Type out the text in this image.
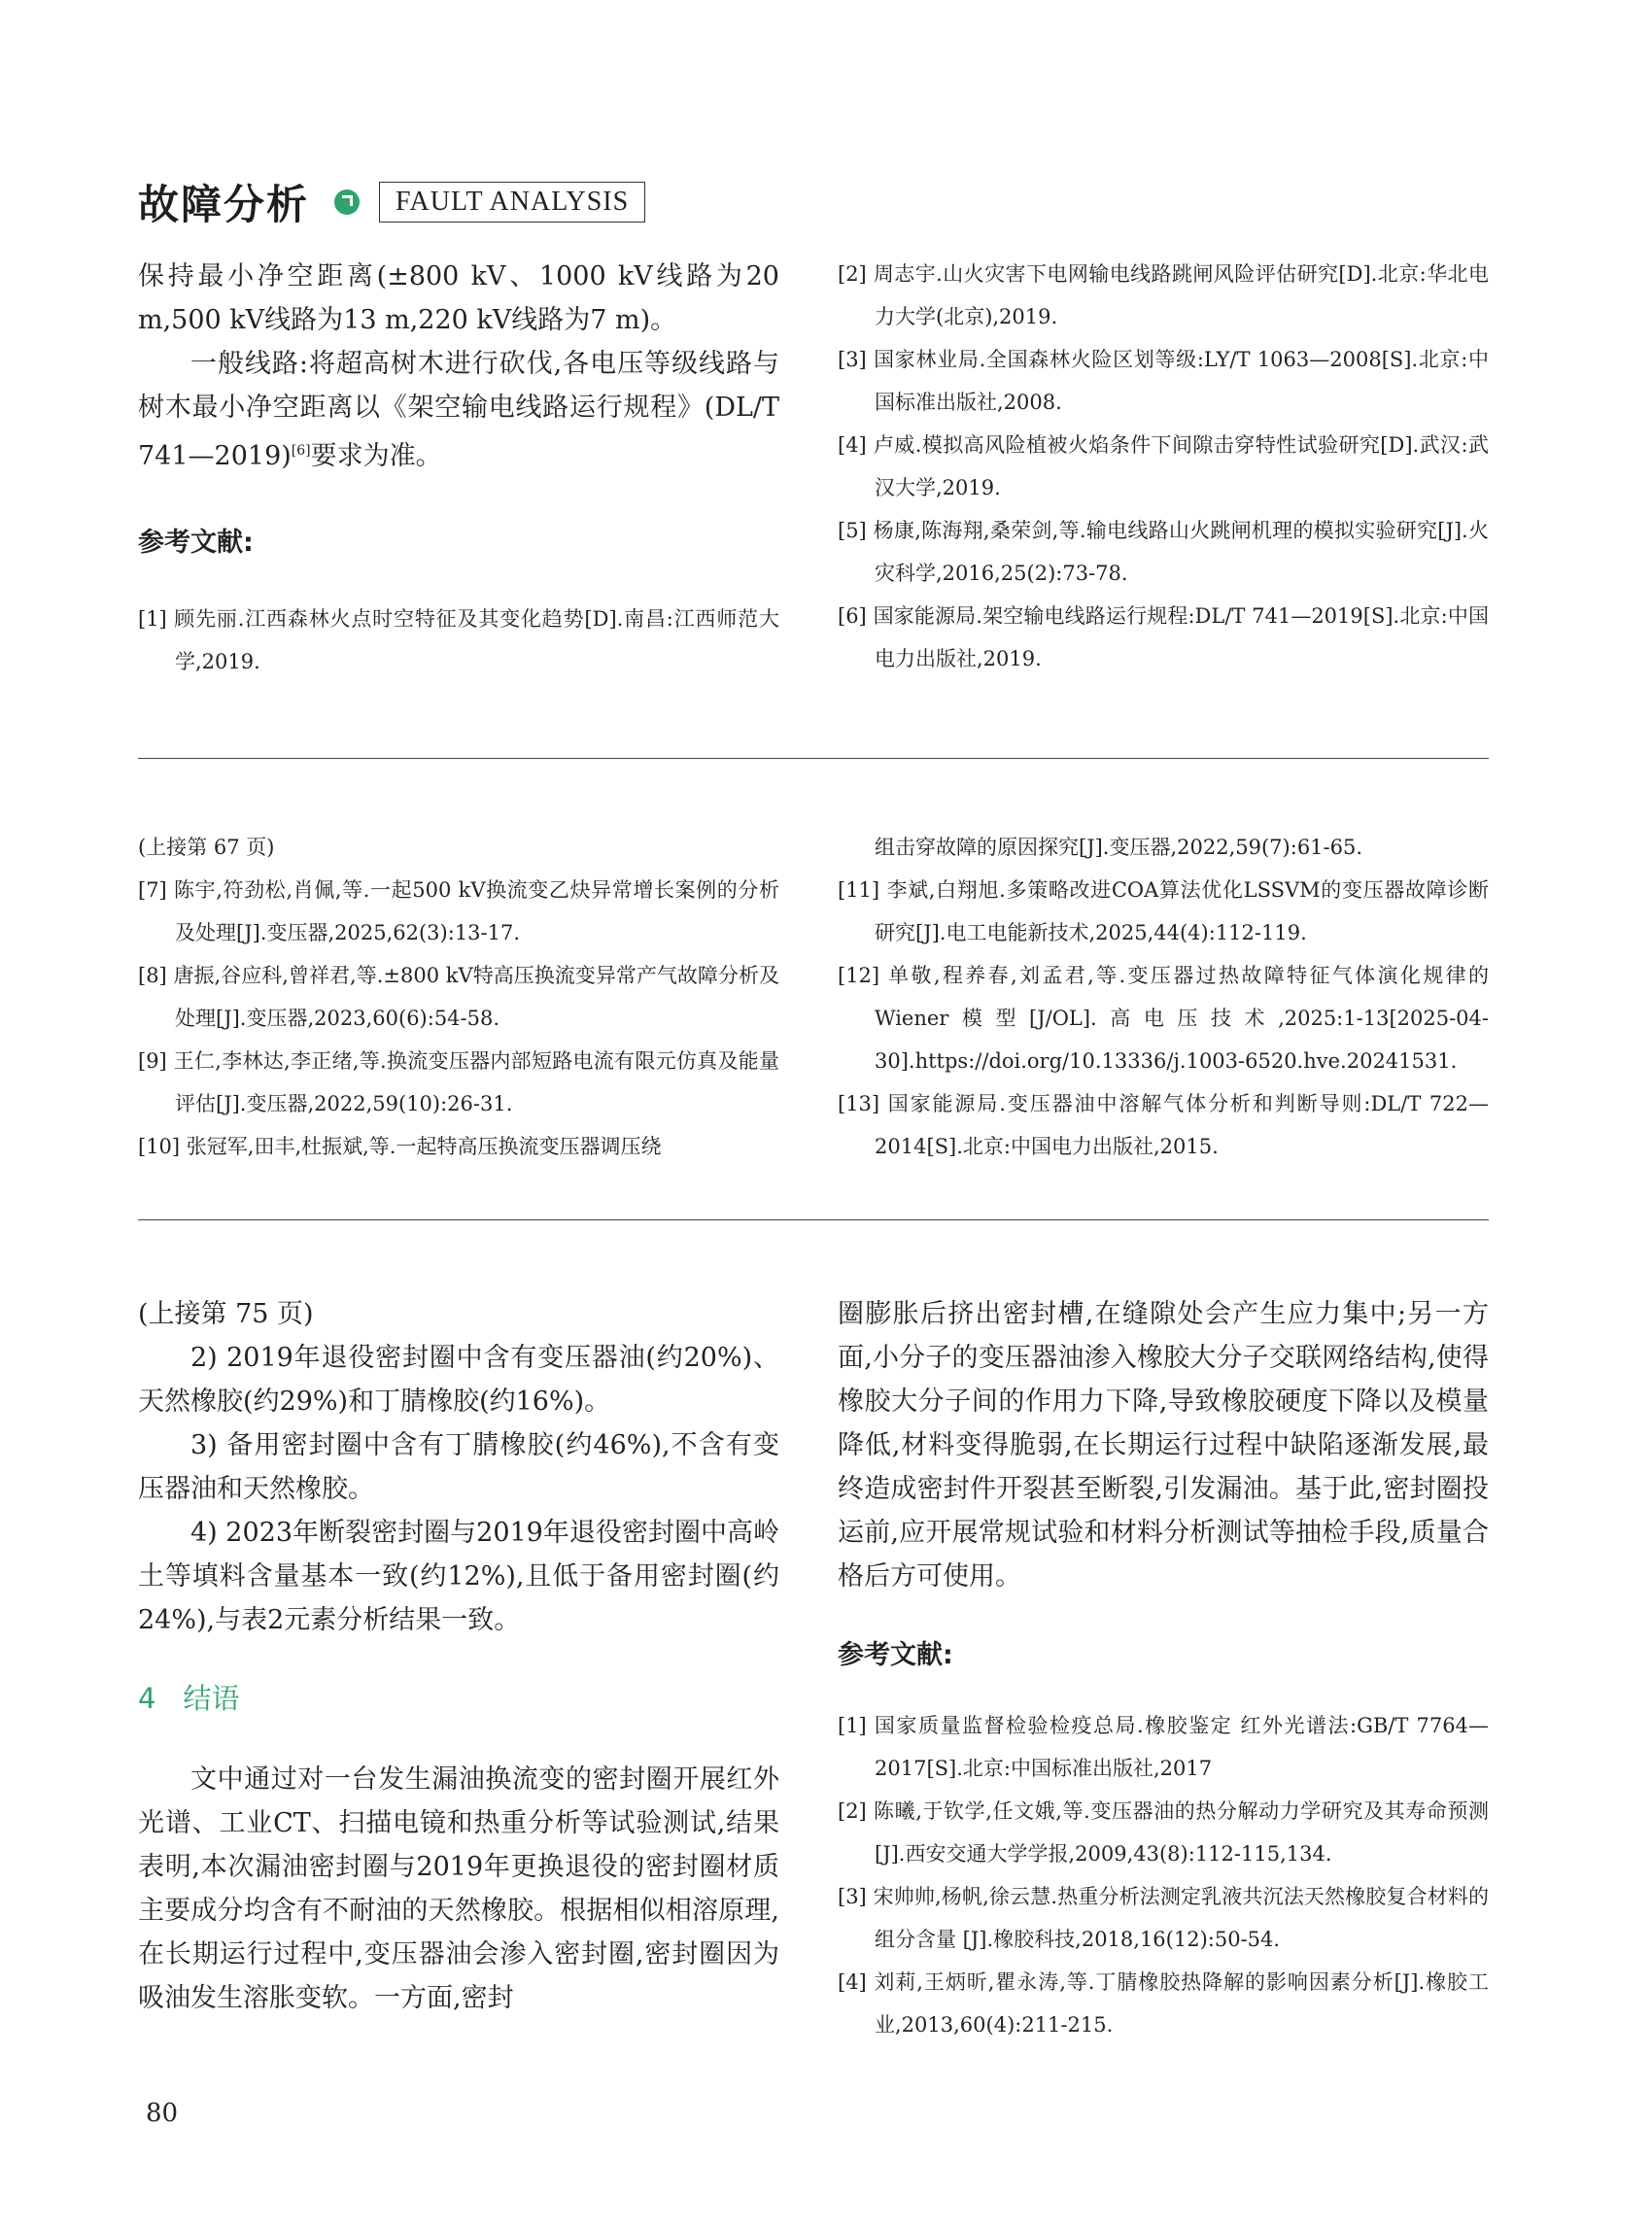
故障分析	FAULT ANALYSIS

保持最小净空距离(±800 kV、1000 kV线路为20 m,500 kV线路为13 m,220 kV线路为7 m)。

一般线路:将超高树木进行砍伐,各电压等级线路与树木最小净空距离以《架空输电线路运行规程》(DL/T 741—2019)[6]要求为准。

参考文献:

[1] 顾先丽.江西森林火点时空特征及其变化趋势[D].南昌:江西师范大学,2019.
[2] 周志宇.山火灾害下电网输电线路跳闸风险评估研究[D].北京:华北电力大学(北京),2019.
[3] 国家林业局.全国森林火险区划等级:LY/T 1063—2008[S].北京:中国标准出版社,2008.
[4] 卢威.模拟高风险植被火焰条件下间隙击穿特性试验研究[D].武汉:武汉大学,2019.
[5] 杨康,陈海翔,桑荣剑,等.输电线路山火跳闸机理的模拟实验研究[J].火灾科学,2016,25(2):73-78.
[6] 国家能源局.架空输电线路运行规程:DL/T 741—2019[S].北京:中国电力出版社,2019.

(上接第 67 页)

[7] 陈宇,符劲松,肖佩,等.一起500 kV换流变乙炔异常增长案例的分析及处理[J].变压器,2025,62(3):13-17.
[8] 唐振,谷应科,曾祥君,等.±800 kV特高压换流变异常产气故障分析及处理[J].变压器,2023,60(6):54-58.
[9] 王仁,李林达,李正绪,等.换流变压器内部短路电流有限元仿真及能量评估[J].变压器,2022,59(10):26-31.
[10] 张冠军,田丰,杜振斌,等.一起特高压换流变压器调压绕

组击穿故障的原因探究[J].变压器,2022,59(7):61-65.

[11] 李斌,白翔旭.多策略改进COA算法优化LSSVM的变压器故障诊断研究[J].电工电能新技术,2025,44(4):112-119.
[12] 单敬,程养春,刘孟君,等.变压器过热故障特征气体演化规律的Wiener模型[J/OL].高电压技术,2025:1-13[2025-04-30].https://doi.org/10.13336/j.1003-6520.hve.20241531.
[13] 国家能源局.变压器油中溶解气体分析和判断导则:DL/T 722—2014[S].北京:中国电力出版社,2015.

(上接第 75 页)

2) 2019年退役密封圈中含有变压器油(约20%)、天然橡胶(约29%)和丁腈橡胶(约16%)。

3) 备用密封圈中含有丁腈橡胶(约46%),不含有变压器油和天然橡胶。

4) 2023年断裂密封圈与2019年退役密封圈中高岭土等填料含量基本一致(约12%),且低于备用密封圈(约24%),与表2元素分析结果一致。

4 结语

文中通过对一台发生漏油换流变的密封圈开展红外光谱、工业CT、扫描电镜和热重分析等试验测试,结果表明,本次漏油密封圈与2019年更换退役的密封圈材质主要成分均含有不耐油的天然橡胶。根据相似相溶原理,在长期运行过程中,变压器油会渗入密封圈,密封圈因为吸油发生溶胀变软。一方面,密封

圈膨胀后挤出密封槽,在缝隙处会产生应力集中;另一方面,小分子的变压器油渗入橡胶大分子交联网络结构,使得橡胶大分子间的作用力下降,导致橡胶硬度下降以及模量降低,材料变得脆弱,在长期运行过程中缺陷逐渐发展,最终造成密封件开裂甚至断裂,引发漏油。基于此,密封圈投运前,应开展常规试验和材料分析测试等抽检手段,质量合格后方可使用。

参考文献:

[1] 国家质量监督检验检疫总局.橡胶鉴定 红外光谱法:GB/T 7764—2017[S].北京:中国标准出版社,2017
[2] 陈曦,于钦学,任文娥,等.变压器油的热分解动力学研究及其寿命预测 [J].西安交通大学学报,2009,43(8):112-115,134.
[3] 宋帅帅,杨帆,徐云慧.热重分析法测定乳液共沉法天然橡胶复合材料的组分含量 [J].橡胶科技,2018,16(12):50-54.
[4] 刘莉,王炳昕,瞿永涛,等.丁腈橡胶热降解的影响因素分析[J].橡胶工业,2013,60(4):211-215.
80
